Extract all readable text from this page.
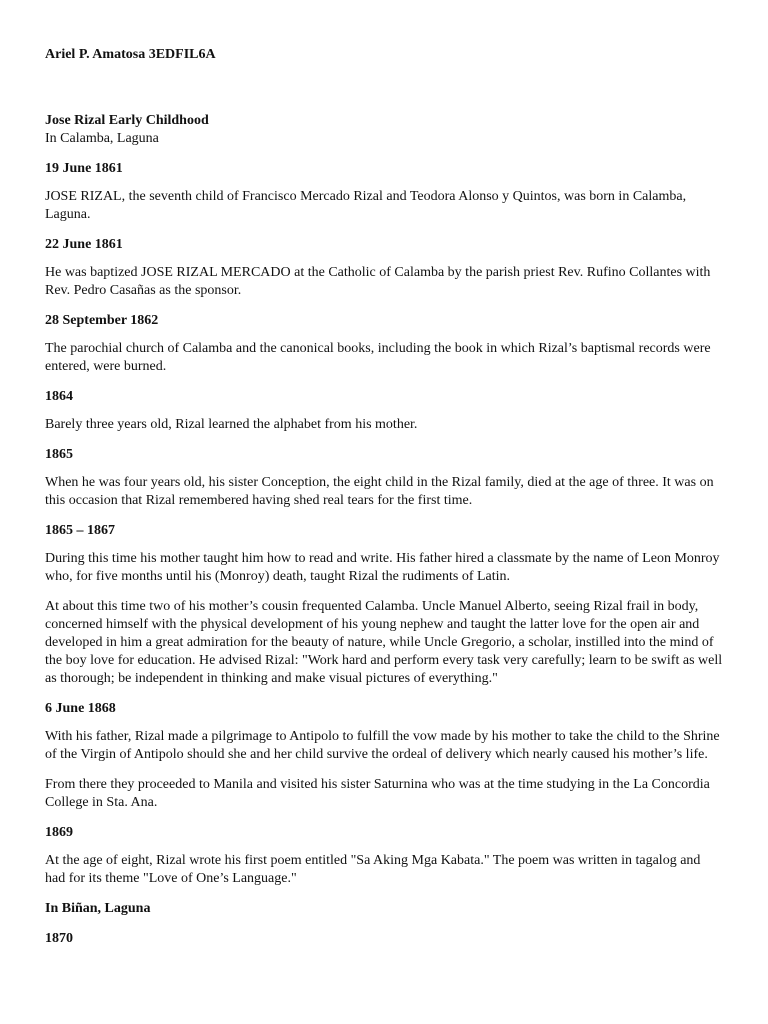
Ariel P. Amatosa 3EDFIL6A

Jose Rizal Early Childhood

In Calamba, Laguna

19 June 1861

JOSE RIZAL, the seventh child of Francisco Mercado Rizal and Teodora Alonso y Quintos, was born in Calamba, Laguna.

22 June 1861

He was baptized JOSE RIZAL MERCADO at the Catholic of Calamba by the parish priest Rev. Rufino Collantes with Rev. Pedro Casañas as the sponsor.

28 September 1862

The parochial church of Calamba and the canonical books, including the book in which Rizal’s baptismal records were entered, were burned.

1864

Barely three years old, Rizal learned the alphabet from his mother.

1865

When he was four years old, his sister Conception, the eight child in the Rizal family, died at the age of three. It was on this occasion that Rizal remembered having shed real tears for the first time.

1865 – 1867

During this time his mother taught him how to read and write. His father hired a classmate by the name of Leon Monroy who, for five months until his (Monroy) death, taught Rizal the rudiments of Latin.

At about this time two of his mother’s cousin frequented Calamba. Uncle Manuel Alberto, seeing Rizal frail in body, concerned himself with the physical development of his young nephew and taught the latter love for the open air and developed in him a great admiration for the beauty of nature, while Uncle Gregorio, a scholar, instilled into the mind of the boy love for education. He advised Rizal: "Work hard and perform every task very carefully; learn to be swift as well as thorough; be independent in thinking and make visual pictures of everything."

6 June 1868

With his father, Rizal made a pilgrimage to Antipolo to fulfill the vow made by his mother to take the child to the Shrine of the Virgin of Antipolo should she and her child survive the ordeal of delivery which nearly caused his mother’s life.

From there they proceeded to Manila and visited his sister Saturnina who was at the time studying in the La Concordia College in Sta. Ana.

1869

At the age of eight, Rizal wrote his first poem entitled "Sa Aking Mga Kabata." The poem was written in tagalog and had for its theme "Love of One’s Language."

In Biñan, Laguna

1870
